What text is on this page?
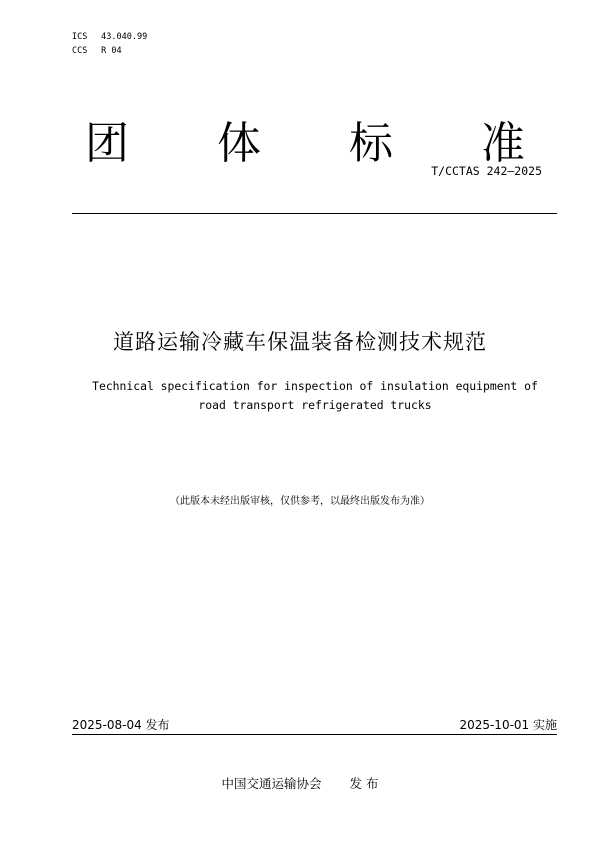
ICS 43.040.99
CCS R 04
团 体 标 准
T/CCTAS 242—2025
道路运输冷藏车保温装备检测技术规范
Technical specification for inspection of insulation equipment of
road transport refrigerated trucks
（此版本未经出版审核，仅供参考，以最终出版发布为准）
2025-08-04 发布	2025-10-01 实施
中国交通运输协会 发 布
